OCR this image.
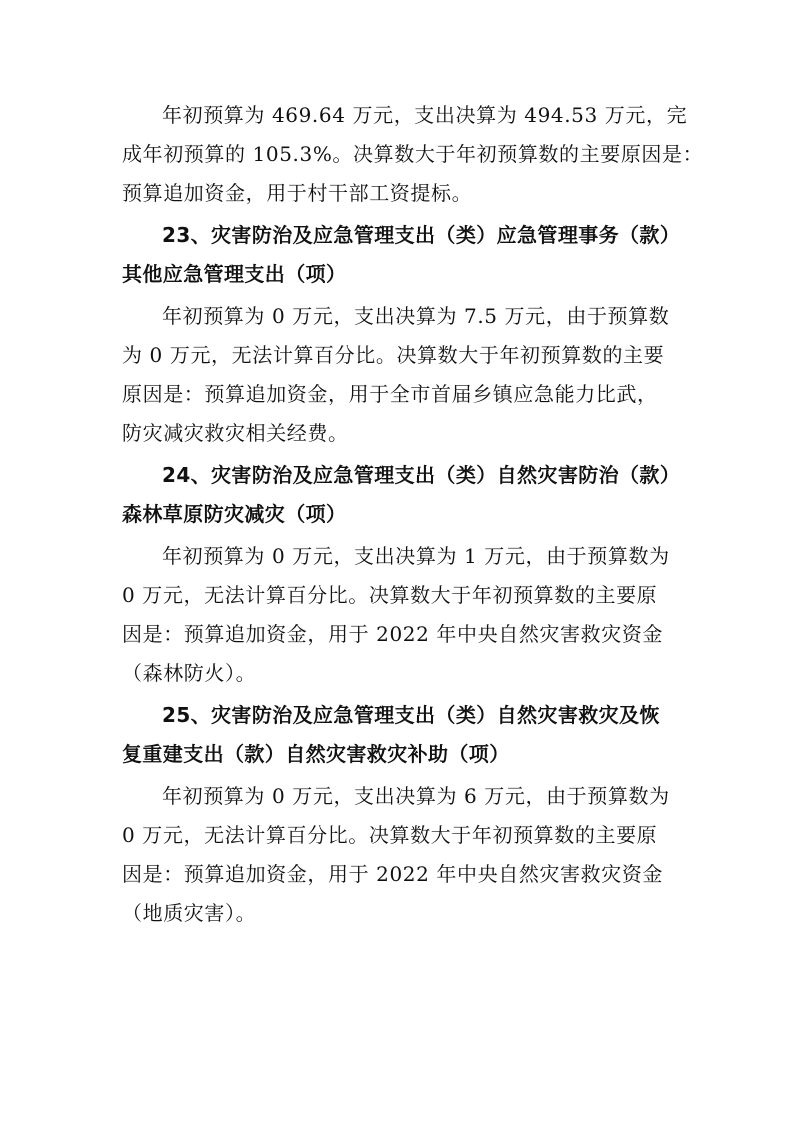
年初预算为 469.64 万元，支出决算为 494.53 万元，完
成年初预算的 105.3%。决算数大于年初预算数的主要原因是：
预算追加资金，用于村干部工资提标。
23、灾害防治及应急管理支出（类）应急管理事务（款）
其他应急管理支出（项）
年初预算为 0 万元，支出决算为 7.5 万元，由于预算数
为 0 万元，无法计算百分比。决算数大于年初预算数的主要
原因是：预算追加资金，用于全市首届乡镇应急能力比武，
防灾减灾救灾相关经费。
24、灾害防治及应急管理支出（类）自然灾害防治（款）
森林草原防灾减灾（项）
年初预算为 0 万元，支出决算为 1 万元，由于预算数为
0 万元，无法计算百分比。决算数大于年初预算数的主要原
因是：预算追加资金，用于 2022 年中央自然灾害救灾资金
（森林防火）。
25、灾害防治及应急管理支出（类）自然灾害救灾及恢
复重建支出（款）自然灾害救灾补助（项）
年初预算为 0 万元，支出决算为 6 万元，由于预算数为
0 万元，无法计算百分比。决算数大于年初预算数的主要原
因是：预算追加资金，用于 2022 年中央自然灾害救灾资金
（地质灾害）。
